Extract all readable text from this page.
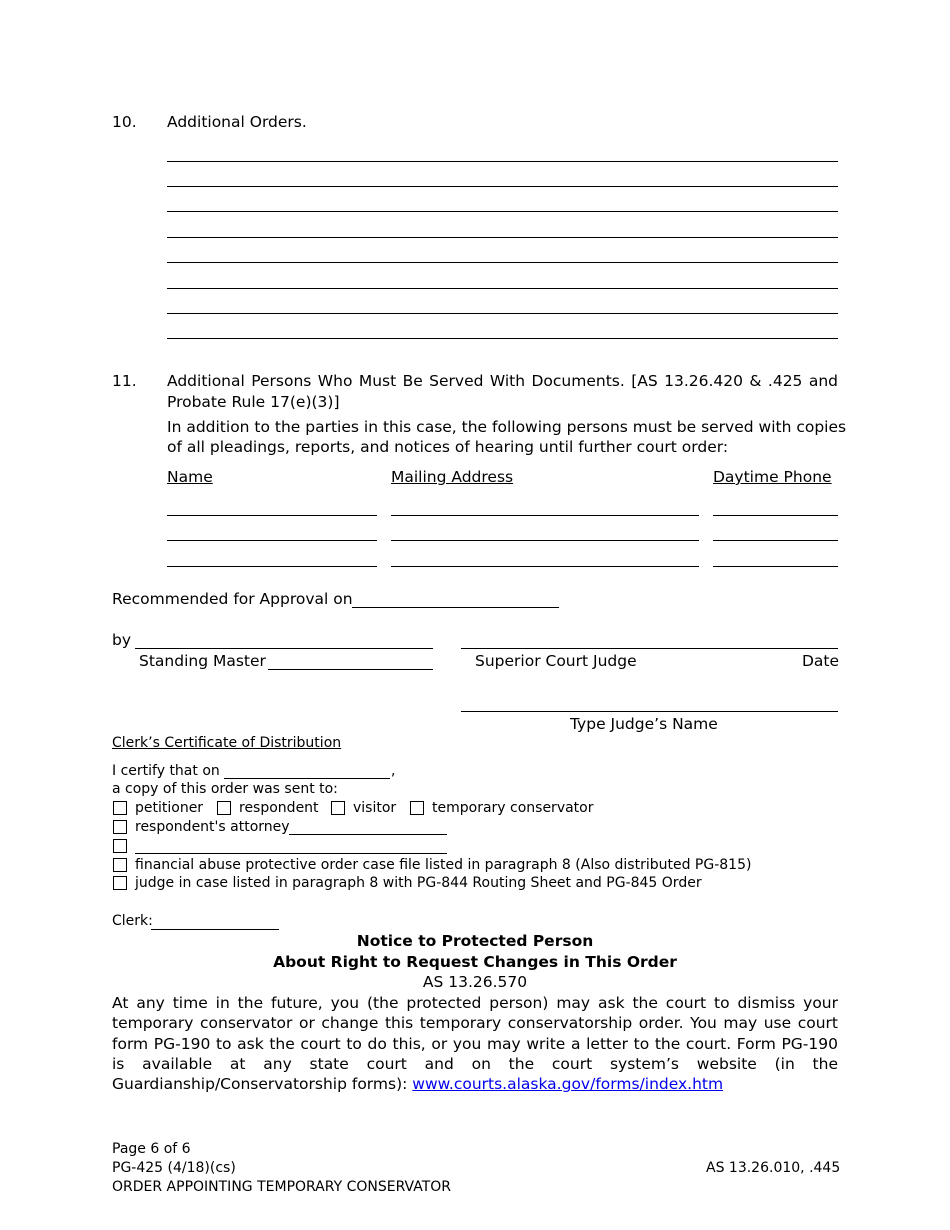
10. Additional Orders.
11. Additional Persons Who Must Be Served With Documents. [AS 13.26.420 & .425 and
Probate Rule 17(e)(3)]
In addition to the parties in this case, the following persons must be served with copies
of all pleadings, reports, and notices of hearing until further court order:
Name	Mailing Address	Daytime Phone
Recommended for Approval on
by
Standing Master	Superior Court Judge	Date
Type Judge’s Name
Clerk’s Certificate of Distribution
I certify that on	,
a copy of this order was sent to:
petitioner	respondent visitor	temporary conservator
respondent's attorney
financial abuse protective order case file listed in paragraph 8 (Also distributed PG-815)
judge in case listed in paragraph 8 with PG-844 Routing Sheet and PG-845 Order
Clerk:
Notice to Protected Person
About Right to Request Changes in This Order
AS 13.26.570
At any time in the future, you (the protected person) may ask the court to dismiss your temporary conservator or change this temporary conservatorship order. You may use court form PG-190 to ask the court to do this, or you may write a letter to the court. Form PG-190 is available at any state court and on the court system’s website (in the Guardianship/Conservatorship forms): www.courts.alaska.gov/forms/index.htm
Page 6 of 6
PG-425 (4/18)(cs)
ORDER APPOINTING TEMPORARY CONSERVATOR
AS 13.26.010, .445
